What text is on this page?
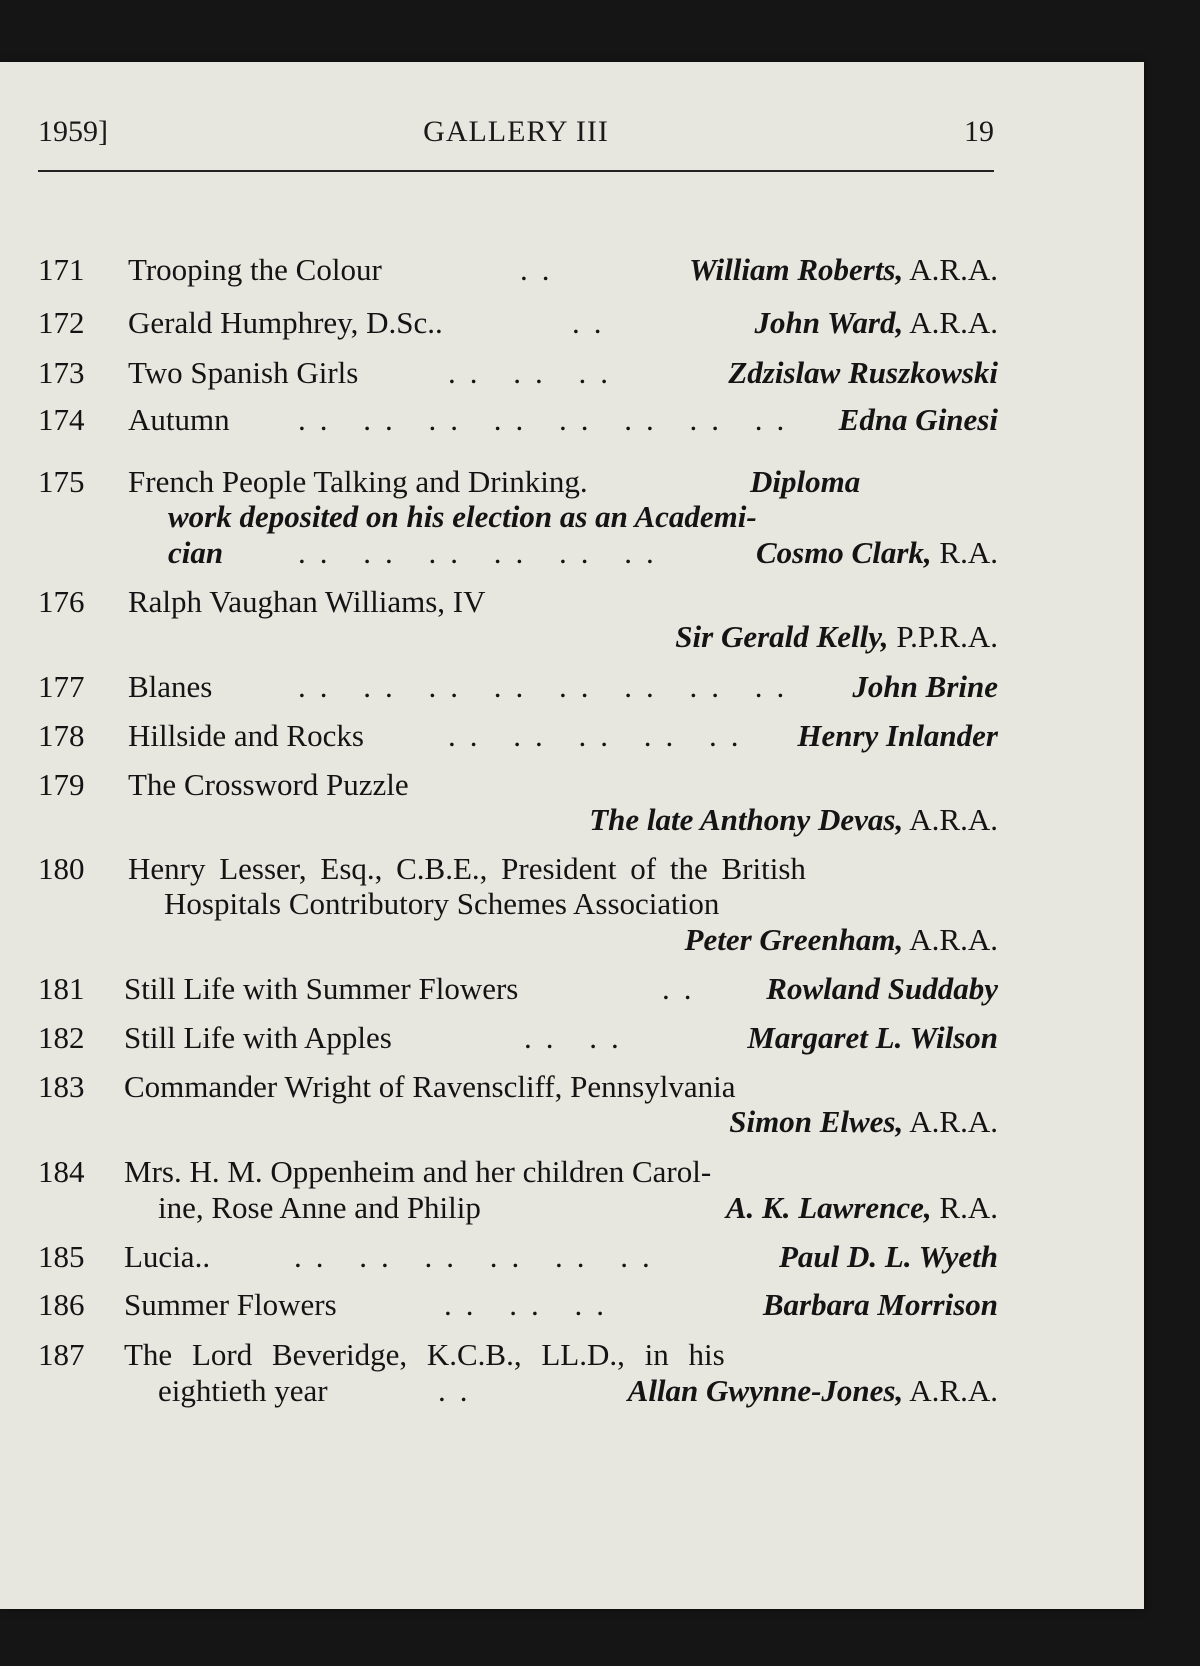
1959]	GALLERY III	19
171	Trooping the Colour	..	William Roberts, A.R.A.
172	Gerald Humphrey, D.Sc..	..	John Ward, A.R.A.
173	Two Spanish Girls	.. .. ..	Zdzislaw Ruszkowski
174	Autumn .. .. .. .. .. .. .. .. Edna Ginesi
175	French People Talking and Drinking.	Diploma
work deposited on his election as an Academi-
cian .. .. .. .. .. ..	Cosmo Clark, R.A.
176	Ralph Vaughan Williams, IV
Sir Gerald Kelly, P.P.R.A.
177	Blanes	.. .. .. .. .. .. .. .. John Brine
178	Hillside and Rocks	.. .. .. .. .. Henry Inlander
179	The Crossword Puzzle
The late Anthony Devas, A.R.A.
180	Henry Lesser, Esq., C.B.E., President of the British
Hospitals Contributory Schemes Association
Peter Greenham, A.R.A.
181	Still Life with Summer Flowers	.. Rowland Suddaby
182	Still Life with Apples	.. ..	Margaret L. Wilson
183	Commander Wright of Ravenscliff, Pennsylvania
Simon Elwes, A.R.A.
184	Mrs. H. M. Oppenheim and her children Carol-
ine, Rose Anne and Philip	A. K. Lawrence, R.A.
185	Lucia..	.. .. .. .. .. ..	Paul D. L. Wyeth
186	Summer Flowers	.. .. ..	Barbara Morrison
187	The Lord Beveridge, K.C.B., LL.D., in his
eightieth year	..	Allan Gwynne-Jones, A.R.A.
